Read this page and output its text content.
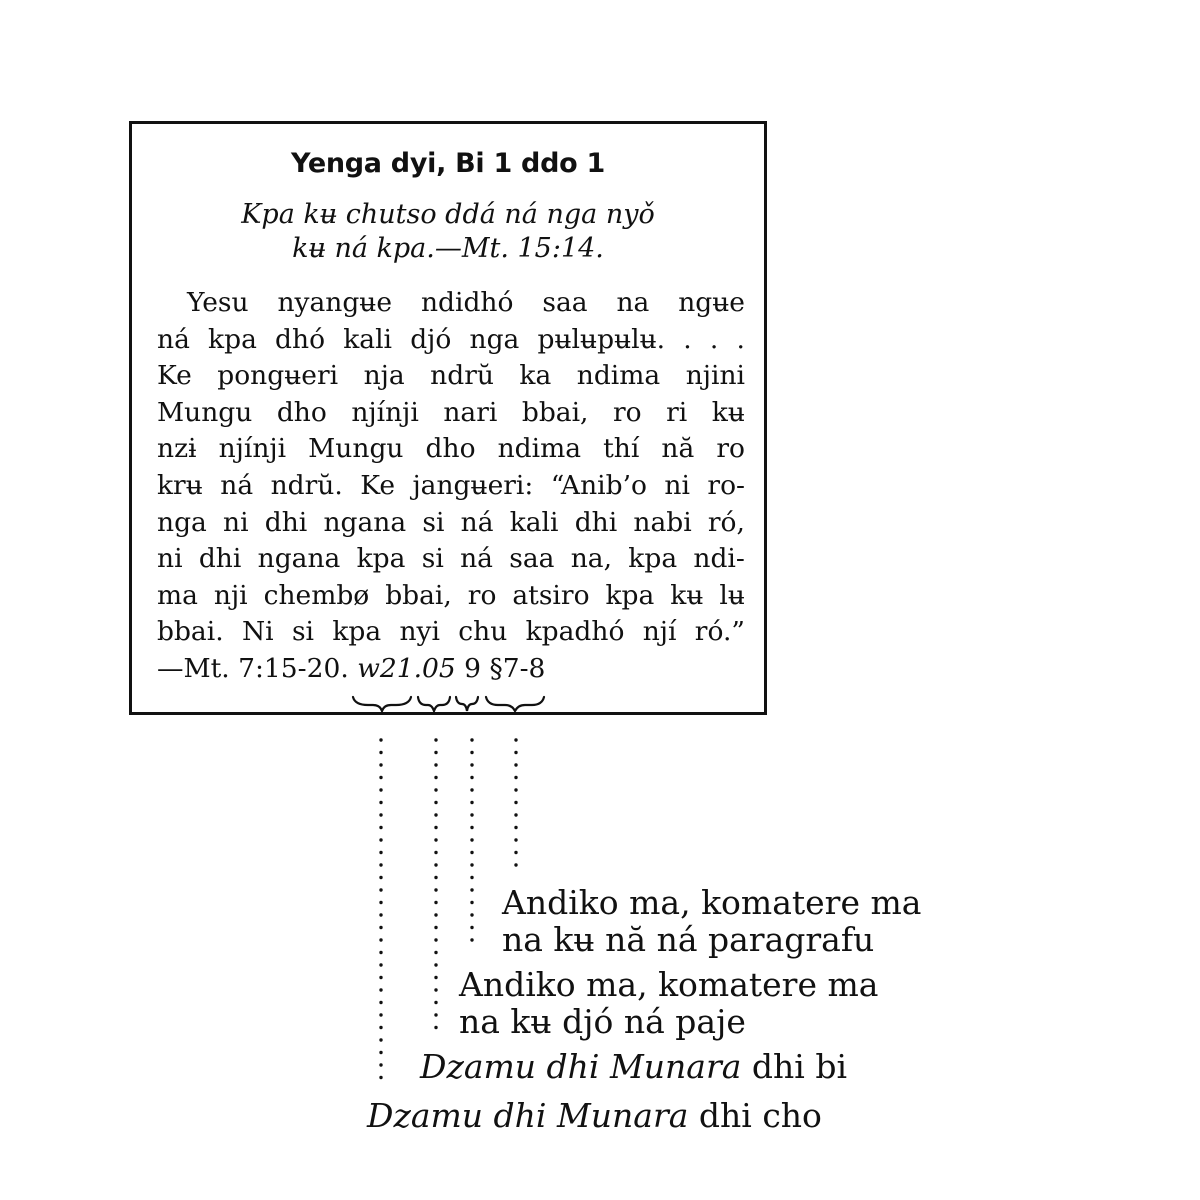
Yenga dyi, Bi 1 ddo 1
Kpa kʉ chutso ddá ná nga nyǒ
kʉ ná kpa.—Mt. 15:14.
Yesu nyangʉe ndidhó saa na ngʉe
ná kpa dhó kali djó nga pʉlʉpʉlʉ. . . .
Ke pongʉeri nja ndrŭ ka ndima njini
Mungu dho njínji nari bbai, ro ri kʉ
nzɨ njínji Mungu dho ndima thí nă ro
krʉ ná ndrŭ. Ke jangʉeri: “Anib’o ni ro-
nga ni dhi ngana si ná kali dhi nabi ró,
ni dhi ngana kpa si ná saa na, kpa ndi-
ma nji chembø bbai, ro atsiro kpa kʉ lʉ
bbai. Ni si kpa nyi chu kpadhó njí ró.”
—Mt. 7:15-20.
w21.05
9
§7-8
Andiko ma, komatere ma
na kʉ nă ná paragrafu
Andiko ma, komatere ma
na kʉ djó ná paje
Dzamu dhi Munara dhi bi
Dzamu dhi Munara dhi cho
